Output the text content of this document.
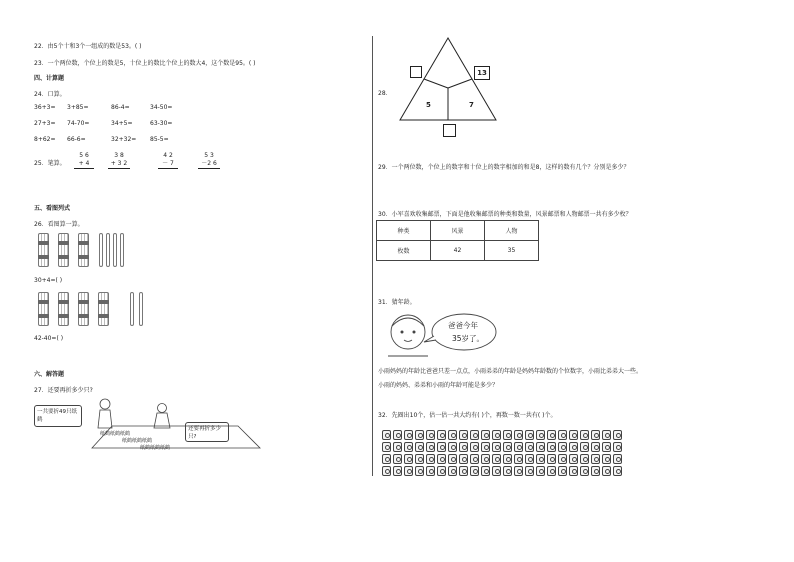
22．由5个十和3个一组成的数是53。( )
23．一个两位数，个位上的数是5，十位上的数比个位上的数大4，这个数是95。( )
四、计算题
24．口算。
36+3= 3+85=	86-4=	34-50=
27+3= 74-70=	34+5=	63-30=
8+62= 66-6=	32+32= 85-5=
25．笔算。
5 6
+ 4
3 8
+ 3 2
4 2
－ 7
5 3
－2 6
五、看图列式
26．看图算一算。
30+4=( )
42-40=( )
六、解答题
27．还要再折多少只?
一共要折49只纸鹤
纸鹤纸鹤纸鹤
纸鹤纸鹤纸鹤
纸鹤纸鹤纸鹤
还要再折多少只?
28．
5	7
13
29．一个两位数，个位上的数字和十位上的数字相加的和是8，这样的数有几个？分别是多少？
30．小军喜欢收集邮票，下面是他收集邮票的种类和数量，风景邮票和人物邮票一共有多少枚？
种类	风景	人物
枚数	42	35
31．猜年龄。
爸爸今年
35岁了。
小雨妈妈的年龄比爸爸只差一点点，小雨弟弟的年龄是妈妈年龄数的个位数字，小雨比弟弟大一些。
小雨的妈妈、弟弟和小雨的年龄可能是多少？
32．先圈出10个，估一估一共大约有( )个，再数一数一共有( )个。
